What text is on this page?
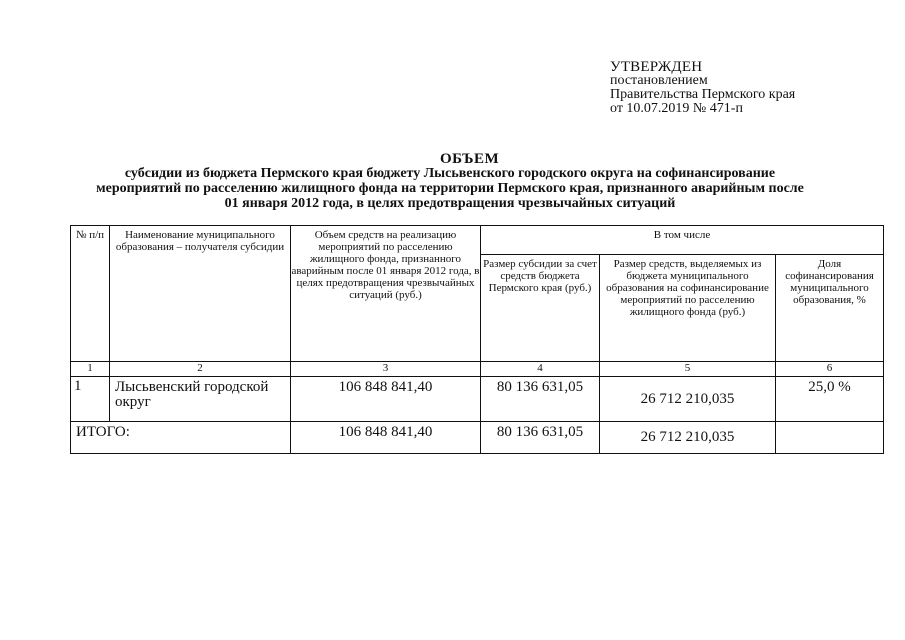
УТВЕРЖДЕН
постановлением
Правительства Пермского края
от 10.07.2019 № 471-п
ОБЪЕМ
субсидии из бюджета Пермского края бюджету Лысьвенского городского округа на софинансирование
мероприятий по расселению жилищного фонда на территории Пермского края, признанного аварийным после
01 января 2012 года, в целях предотвращения чрезвычайных ситуаций
№ п/п	Наименование муниципального образования – получателя субсидии	Объем средств на реализацию мероприятий по расселению жилищного фонда, признанного аварийным после 01 января 2012 года, в целях предотвращения чрезвычайных ситуаций (руб.)	В том числе		
			Размер субсидии за счет средств бюджета Пермского края (руб.)	Размер средств, выделяемых из бюджета муниципального образования на софинансирование мероприятий по расселению жилищного фонда (руб.)	Доля софинансирования муниципального образования, %
1	2	3	4	5	6
1	Лысьвенский городской округ	106 848 841,40	80 136 631,05	26 712 210,035	25,0 %
ИТОГО:		106 848 841,40	80 136 631,05	26 712 210,035	
